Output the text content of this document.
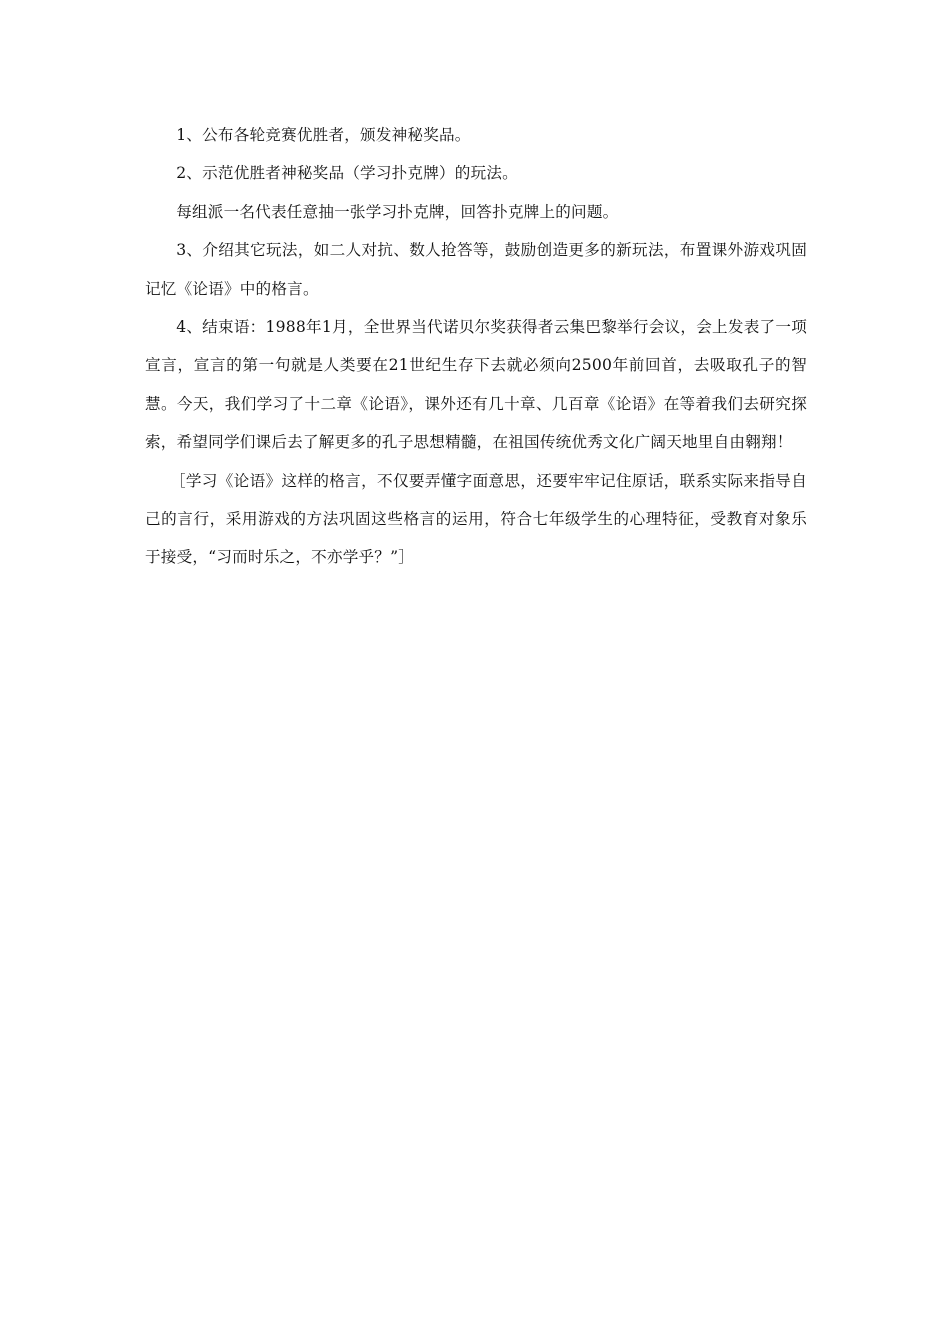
1、公布各轮竞赛优胜者，颁发神秘奖品。

2、示范优胜者神秘奖品（学习扑克牌）的玩法。

每组派一名代表任意抽一张学习扑克牌，回答扑克牌上的问题。

3、介绍其它玩法，如二人对抗、数人抢答等，鼓励创造更多的新玩法，布置课外游戏巩固记忆《论语》中的格言。

4、结束语：1988年1月，全世界当代诺贝尔奖获得者云集巴黎举行会议，会上发表了一项宣言，宣言的第一句就是人类要在21世纪生存下去就必须向2500年前回首，去吸取孔子的智慧。今天，我们学习了十二章《论语》，课外还有几十章、几百章《论语》在等着我们去研究探索，希望同学们课后去了解更多的孔子思想精髓，在祖国传统优秀文化广阔天地里自由翱翔！

［学习《论语》这样的格言，不仅要弄懂字面意思，还要牢牢记住原话，联系实际来指导自己的言行，采用游戏的方法巩固这些格言的运用，符合七年级学生的心理特征，受教育对象乐于接受，“习而时乐之，不亦学乎？”］
